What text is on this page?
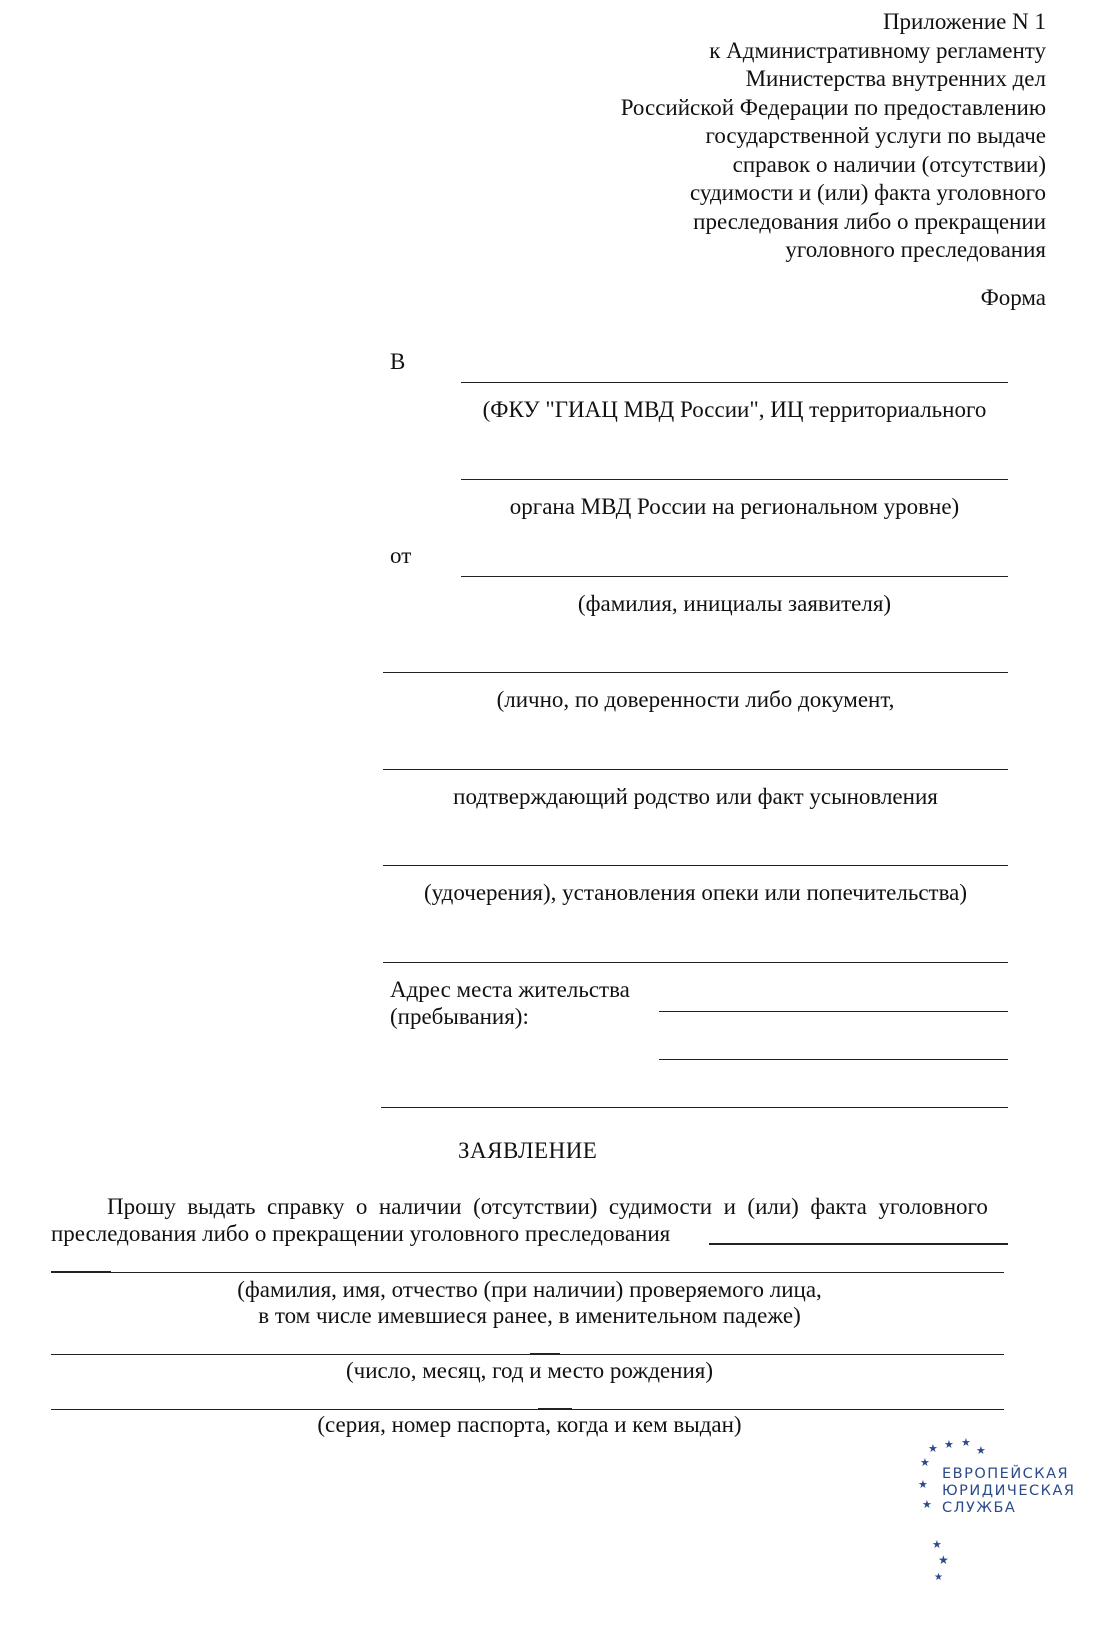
Приложение N 1
к Административному регламенту
Министерства внутренних дел
Российской Федерации по предоставлению
государственной услуги по выдаче
справок о наличии (отсутствии)
судимости и (или) факта уголовного
преследования либо о прекращении
уголовного преследования
Форма
В
(ФКУ "ГИАЦ МВД России", ИЦ территориального
органа МВД России на региональном уровне)
от
(фамилия, инициалы заявителя)
(лично, по доверенности либо документ,
подтверждающий родство или факт усыновления
(удочерения), установления опеки или попечительства)
Адрес места жительства
(пребывания):
ЗАЯВЛЕНИЕ
Прошу  выдать  справку  о  наличии  (отсутствии)  судимости  и  (или)  факта  уголовного
преследования либо о прекращении уголовного преследования
(фамилия, имя, отчество (при наличии) проверяемого лица,
в том числе имевшиеся ранее, в именительном падеже)
(число, месяц, год и место рождения)
(серия, номер паспорта, когда и кем выдан)
★
★
★
★ ★ ★
★
★
★
★
ЕВРОПЕЙСКАЯ
ЮРИДИЧЕСКАЯ
СЛУЖБА
